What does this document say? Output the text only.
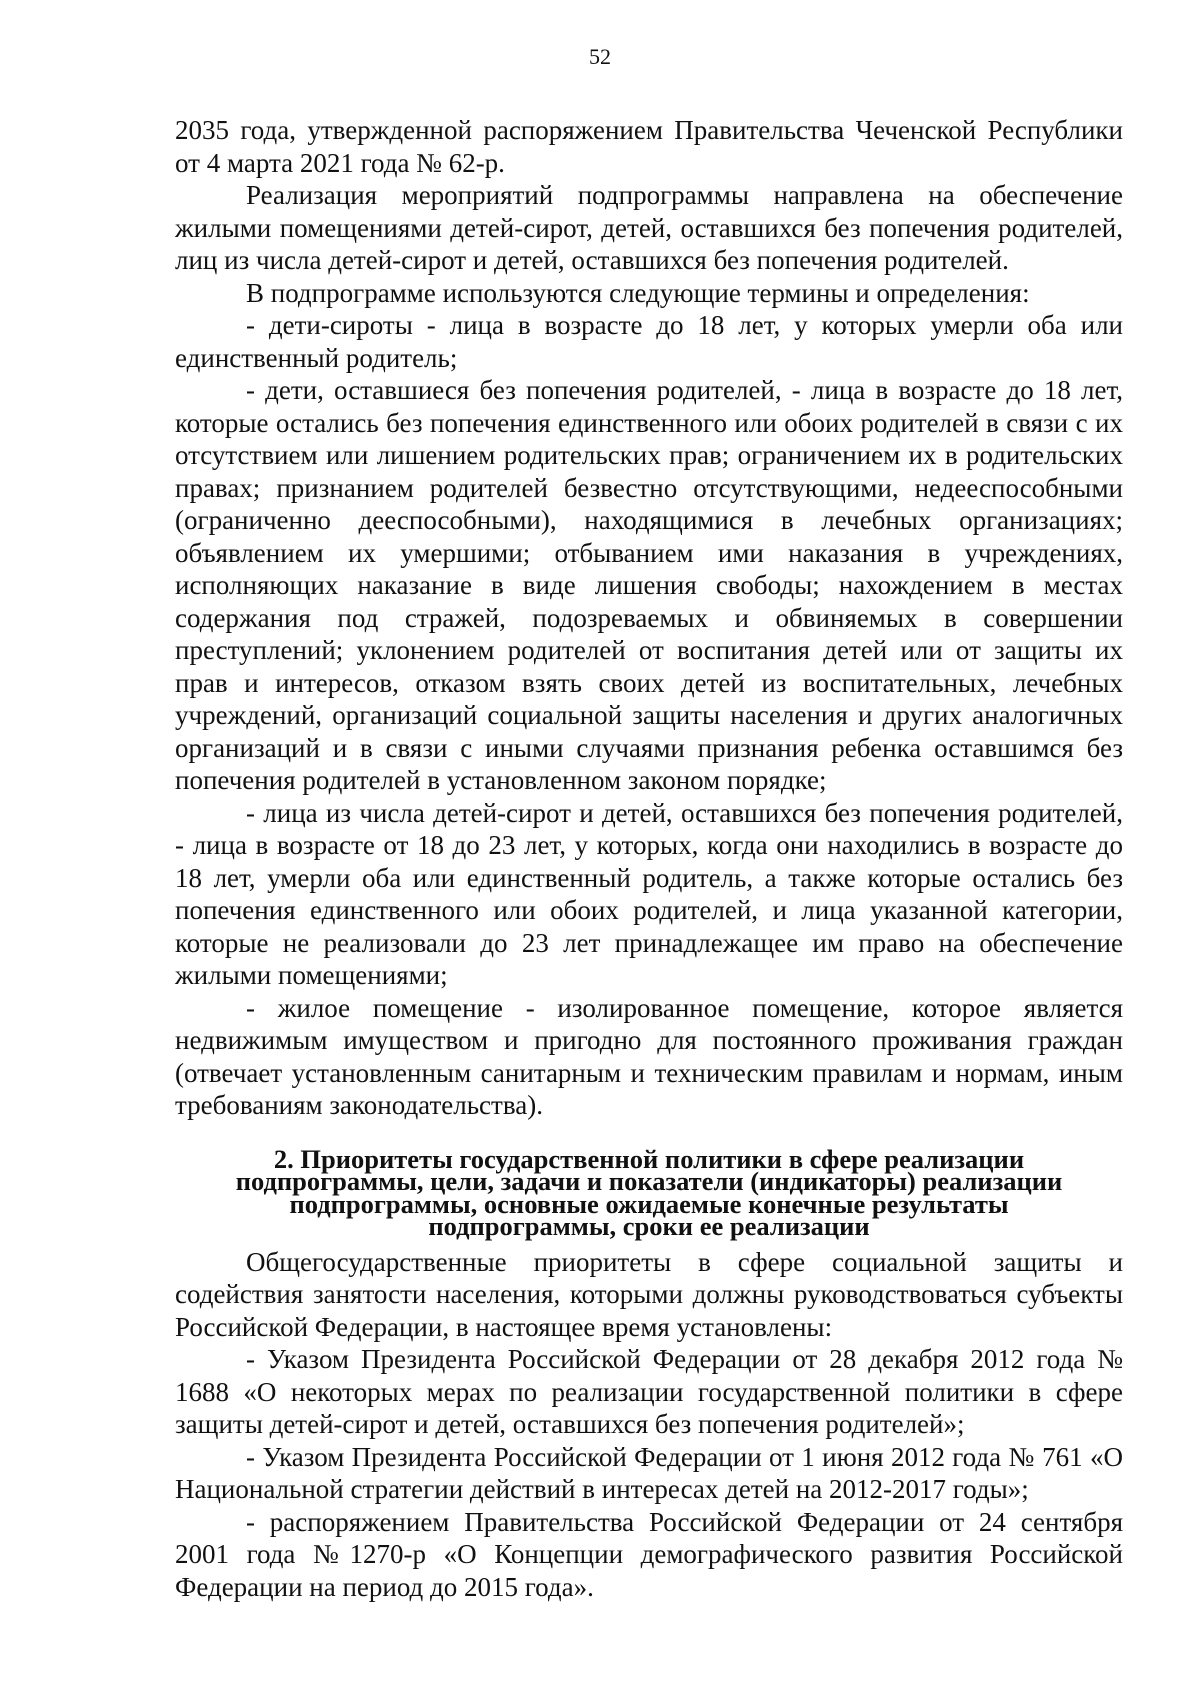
52

2035 года, утвержденной распоряжением Правительства Чеченской Республики от 4 марта 2021 года № 62-р.

Реализация мероприятий подпрограммы направлена на обеспечение жилыми помещениями детей-сирот, детей, оставшихся без попечения родителей, лиц из числа детей-сирот и детей, оставшихся без попечения родителей.

В подпрограмме используются следующие термины и определения:

- дети-сироты - лица в возрасте до 18 лет, у которых умерли оба или единственный родитель;

- дети, оставшиеся без попечения родителей, - лица в возрасте до 18 лет, которые остались без попечения единственного или обоих родителей в связи с их отсутствием или лишением родительских прав; ограничением их в родительских правах; признанием родителей безвестно отсутствующими, недееспособными (ограниченно дееспособными), находящимися в лечебных организациях; объявлением их умершими; отбыванием ими наказания в учреждениях, исполняющих наказание в виде лишения свободы; нахождением в местах содержания под стражей, подозреваемых и обвиняемых в совершении преступлений; уклонением родителей от воспитания детей или от защиты их прав и интересов, отказом взять своих детей из воспитательных, лечебных учреждений, организаций социальной защиты населения и других аналогичных организаций и в связи с иными случаями признания ребенка оставшимся без попечения родителей в установленном законом порядке;

- лица из числа детей-сирот и детей, оставшихся без попечения родителей, - лица в возрасте от 18 до 23 лет, у которых, когда они находились в возрасте до 18 лет, умерли оба или единственный родитель, а также которые остались без попечения единственного или обоих родителей, и лица указанной категории, которые не реализовали до 23 лет принадлежащее им право на обеспечение жилыми помещениями;

- жилое помещение - изолированное помещение, которое является недвижимым имуществом и пригодно для постоянного проживания граждан (отвечает установленным санитарным и техническим правилам и нормам, иным требованиям законодательства).

2. Приоритеты государственной политики в сфере реализации
подпрограммы, цели, задачи и показатели (индикаторы) реализации
подпрограммы, основные ожидаемые конечные результаты
подпрограммы, сроки ее реализации

Общегосударственные приоритеты в сфере социальной защиты и содействия занятости населения, которыми должны руководствоваться субъекты Российской Федерации, в настоящее время установлены:

- Указом Президента Российской Федерации от 28 декабря 2012 года № 1688 «О некоторых мерах по реализации государственной политики в сфере защиты детей-сирот и детей, оставшихся без попечения родителей»;

- Указом Президента Российской Федерации от 1 июня 2012 года № 761 «О Национальной стратегии действий в интересах детей на 2012-2017 годы»;

- распоряжением Правительства Российской Федерации от 24 сентября 2001 года №1270-р «О Концепции демографического развития Российской Федерации на период до 2015 года».
